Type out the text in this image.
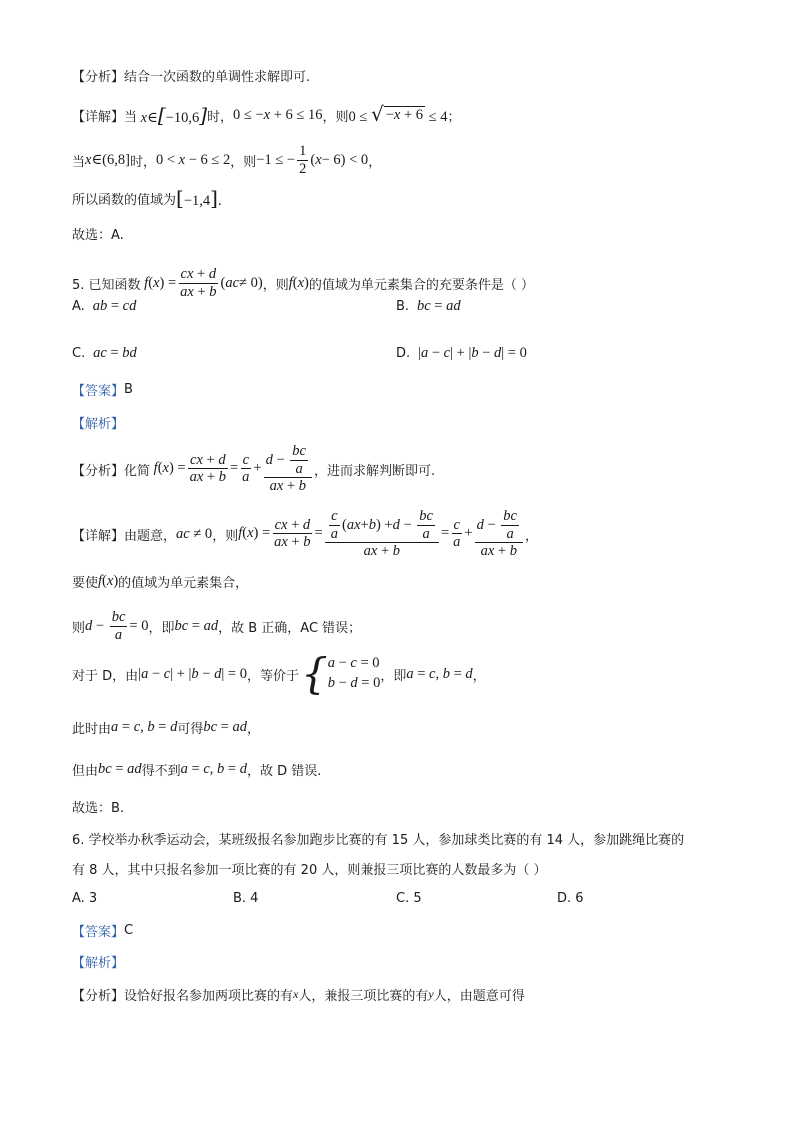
【分析】 结合一次函数的单调性求解即可.
【详解】 当 x∈[−10,6] 时， 0 ≤ −x + 6 ≤ 16 ，则 0 ≤ √ −x + 6 ≤ 4 ；
当 x∈(6,8] 时， 0 < x − 6 ≤ 2 ，则 −1 ≤ − $\frac{1}{2}$ ( x − 6) < 0 ，
所以函数的值域为 [−1,4].
故选：A.
5. 已知函数 f ( x ) = $\frac{cx + d}{ax + b}$ ( ac ≠ 0) ，则 f(x) 的值域为单元素集合的充要条件是（ ）
A.  ab = cd	B.  bc = ad
C.  ac = bd	D. |a − c| + |b − d| = 0
【答案】 B
【解析】
【分析】 化简 f ( x ) = $\frac{cx + d}{ax + b} = \frac{c}{a} + \frac{d - \frac{bc}{a}}{ax + b}$ ，进而求解判断即可.
【详解】 由题意， ac ≠ 0 ，则 f ( x ) = $\frac{cx + d}{ax + b} = \frac{\frac{c}{a} ( ax + b ) + d - \frac{bc}{a}}{ax + b} = \frac{c}{a} + \frac{d - \frac{bc}{a}}{ax + b}$ ，
要使 f(x) 的值域为单元素集合，
则 $d - \frac{bc}{a} = 0$ ，即 bc = ad ，故 B 正确，AC 错误；
对于 D，由 |a − c| + |b − d| = 0 ，等价于 { a − c = 0
b − d = 0 ，即 a = c, b = d ，
此时由 a = c, b = d 可得 bc = ad ，
但由 bc = ad 得不到 a = c, b = d ，故 D 错误.
故选：B.
6. 学校举办秋季运动会，某班级报名参加跑步比赛的有 15 人，参加球类比赛的有 14 人，参加跳绳比赛的
有 8 人，其中只报名参加一项比赛的有 20 人，则兼报三项比赛的人数最多为（ ）
A. 3	B. 4	C. 5	D. 6
【答案】 C
【解析】
【分析】 设恰好报名参加两项比赛的有 x 人，兼报三项比赛的有 y 人，由题意可得
